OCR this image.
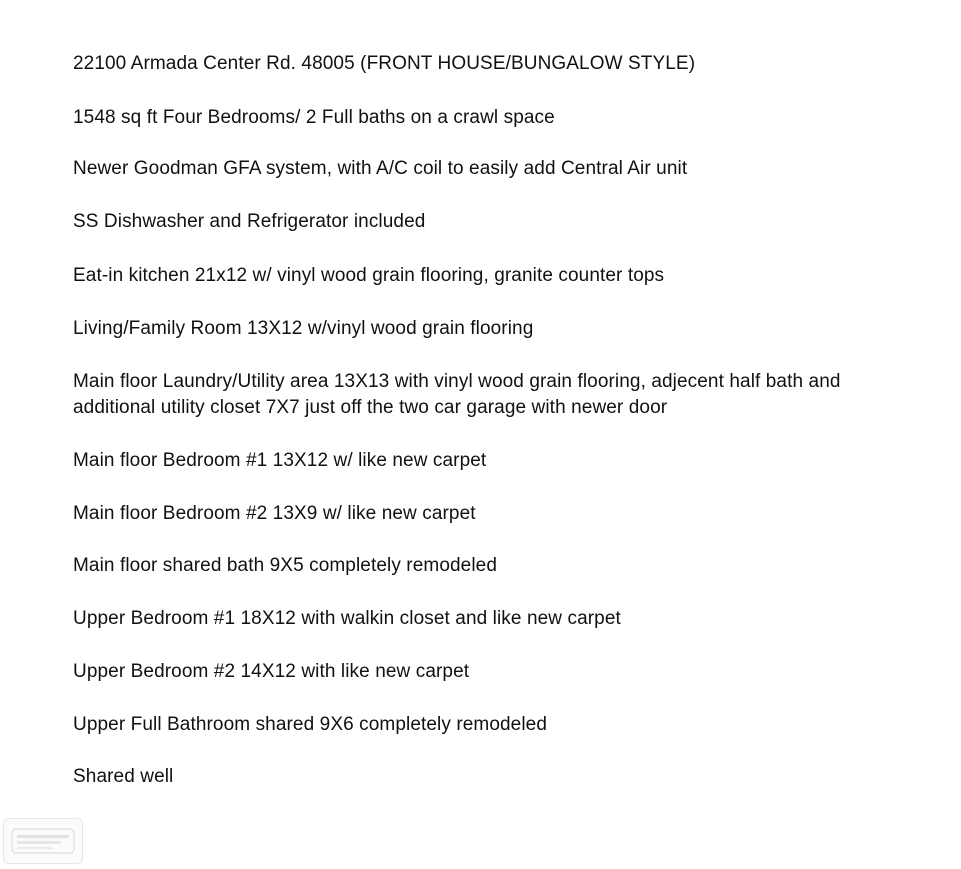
22100 Armada Center Rd. 48005 (FRONT HOUSE/BUNGALOW STYLE)
1548 sq ft Four Bedrooms/ 2 Full baths on a crawl space
Newer Goodman GFA system, with A/C coil to easily add Central Air unit
SS Dishwasher and Refrigerator included
Eat-in kitchen 21x12 w/ vinyl wood grain flooring, granite counter tops
Living/Family Room 13X12 w/vinyl wood grain flooring
Main floor Laundry/Utility area 13X13 with vinyl wood grain flooring, adjecent half bath and additional utility closet 7X7 just off the two car garage with newer door
Main floor Bedroom #1 13X12 w/ like new carpet
Main floor Bedroom #2 13X9 w/ like new carpet
Main floor shared bath 9X5 completely remodeled
Upper Bedroom #1 18X12 with walkin closet and like new carpet
Upper Bedroom #2 14X12 with like new carpet
Upper Full Bathroom shared 9X6 completely remodeled
Shared well
